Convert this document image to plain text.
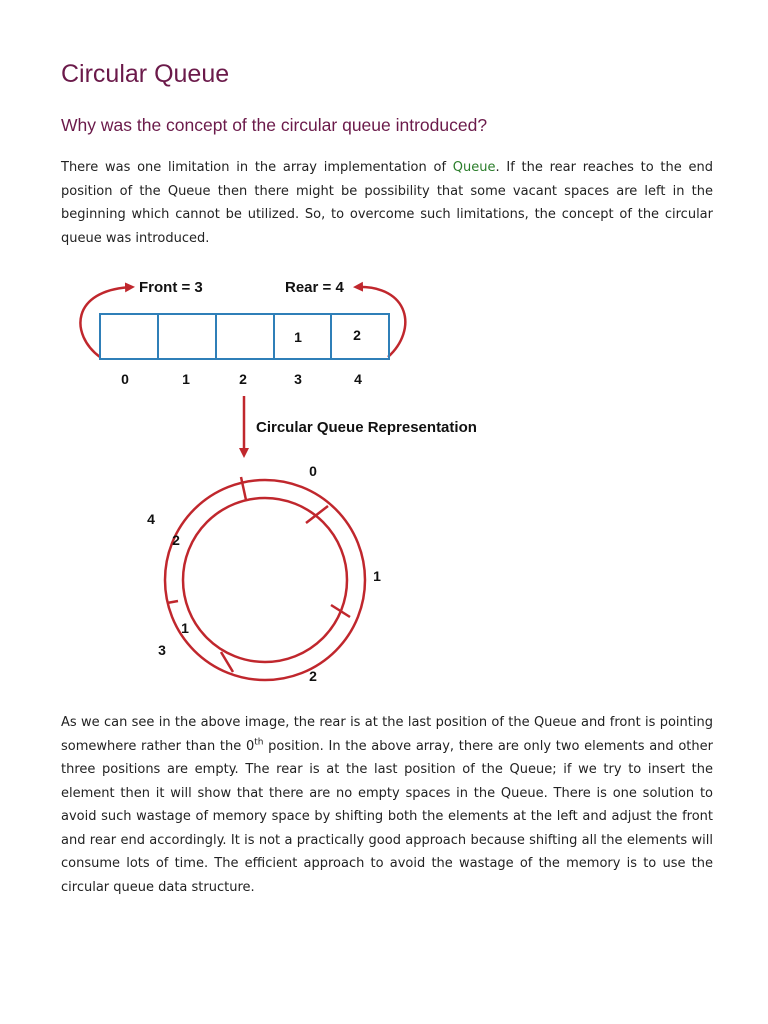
Circular Queue
Why was the concept of the circular queue introduced?

There was one limitation in the array implementation of Queue. If the rear reaches to the end position of the Queue then there might be possibility that some vacant spaces are left in the beginning which cannot be utilized. So, to overcome such limitations, the concept of the circular queue was introduced.

Front = 3	Rear = 4
1	2
0	1	2	3	4
Circular Queue Representation
0
1
2
3
4
1
2

As we can see in the above image, the rear is at the last position of the Queue and front is pointing somewhere rather than the 0th position. In the above array, there are only two elements and other three positions are empty. The rear is at the last position of the Queue; if we try to insert the element then it will show that there are no empty spaces in the Queue. There is one solution to avoid such wastage of memory space by shifting both the elements at the left and adjust the front and rear end accordingly. It is not a practically good approach because shifting all the elements will consume lots of time. The efficient approach to avoid the wastage of the memory is to use the circular queue data structure.
